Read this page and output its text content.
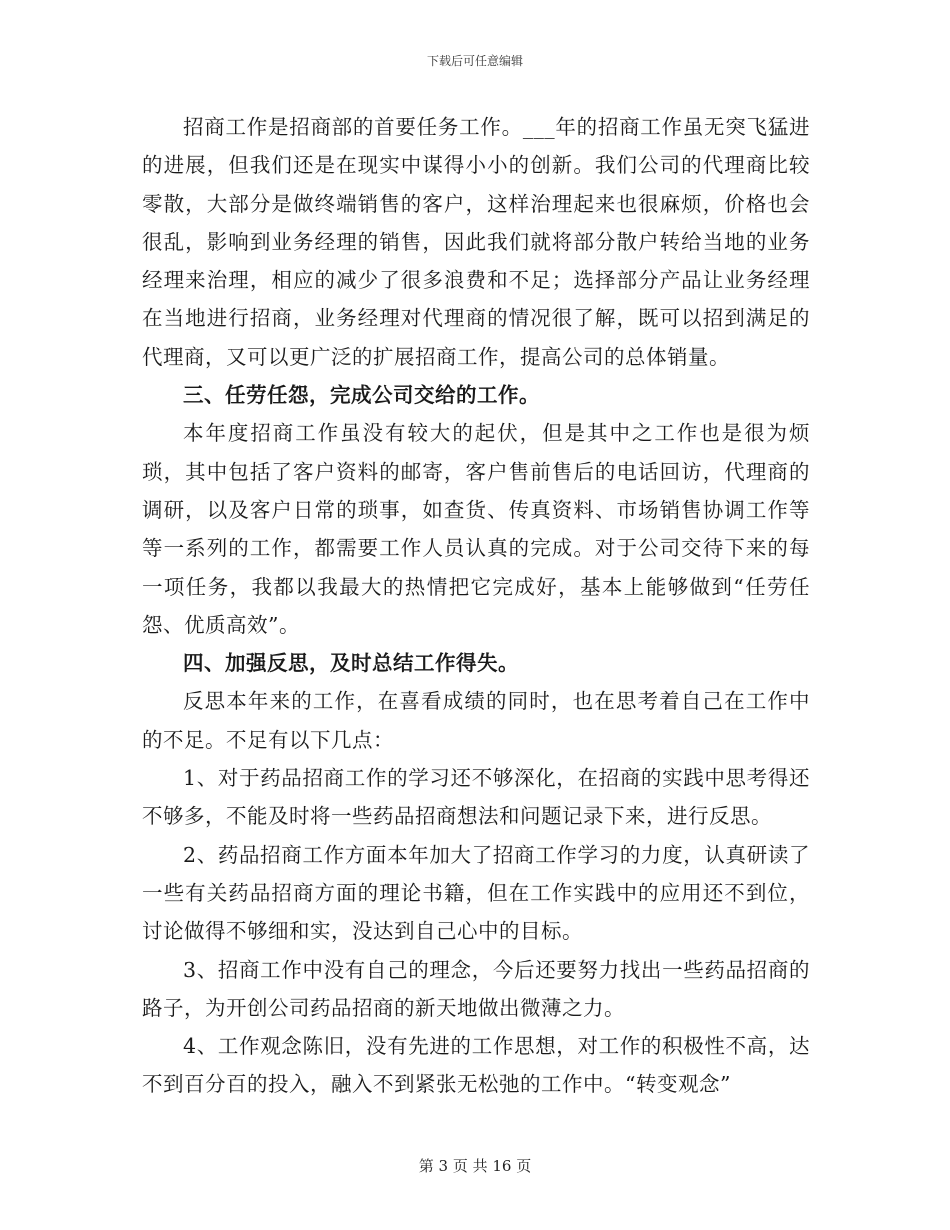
下载后可任意编辑

招商工作是招商部的首要任务工作。___年的招商工作虽无突飞猛进的进展，但我们还是在现实中谋得小小的创新。我们公司的代理商比较零散，大部分是做终端销售的客户，这样治理起来也很麻烦，价格也会很乱，影响到业务经理的销售，因此我们就将部分散户转给当地的业务经理来治理，相应的减少了很多浪费和不足；选择部分产品让业务经理在当地进行招商，业务经理对代理商的情况很了解，既可以招到满足的代理商，又可以更广泛的扩展招商工作，提高公司的总体销量。

三、任劳任怨，完成公司交给的工作。

本年度招商工作虽没有较大的起伏，但是其中之工作也是很为烦琐，其中包括了客户资料的邮寄，客户售前售后的电话回访，代理商的调研，以及客户日常的琐事，如查货、传真资料、市场销售协调工作等等一系列的工作，都需要工作人员认真的完成。对于公司交待下来的每一项任务，我都以我最大的热情把它完成好，基本上能够做到“任劳任怨、优质高效”。

四、加强反思，及时总结工作得失。

反思本年来的工作，在喜看成绩的同时，也在思考着自己在工作中的不足。不足有以下几点：

1、对于药品招商工作的学习还不够深化，在招商的实践中思考得还不够多，不能及时将一些药品招商想法和问题记录下来，进行反思。

2、药品招商工作方面本年加大了招商工作学习的力度，认真研读了一些有关药品招商方面的理论书籍，但在工作实践中的应用还不到位，讨论做得不够细和实，没达到自己心中的目标。

3、招商工作中没有自己的理念，今后还要努力找出一些药品招商的路子，为开创公司药品招商的新天地做出微薄之力。

4、工作观念陈旧，没有先进的工作思想，对工作的积极性不高，达不到百分百的投入，融入不到紧张无松弛的工作中。“转变观念”

第 3 页 共 16 页
